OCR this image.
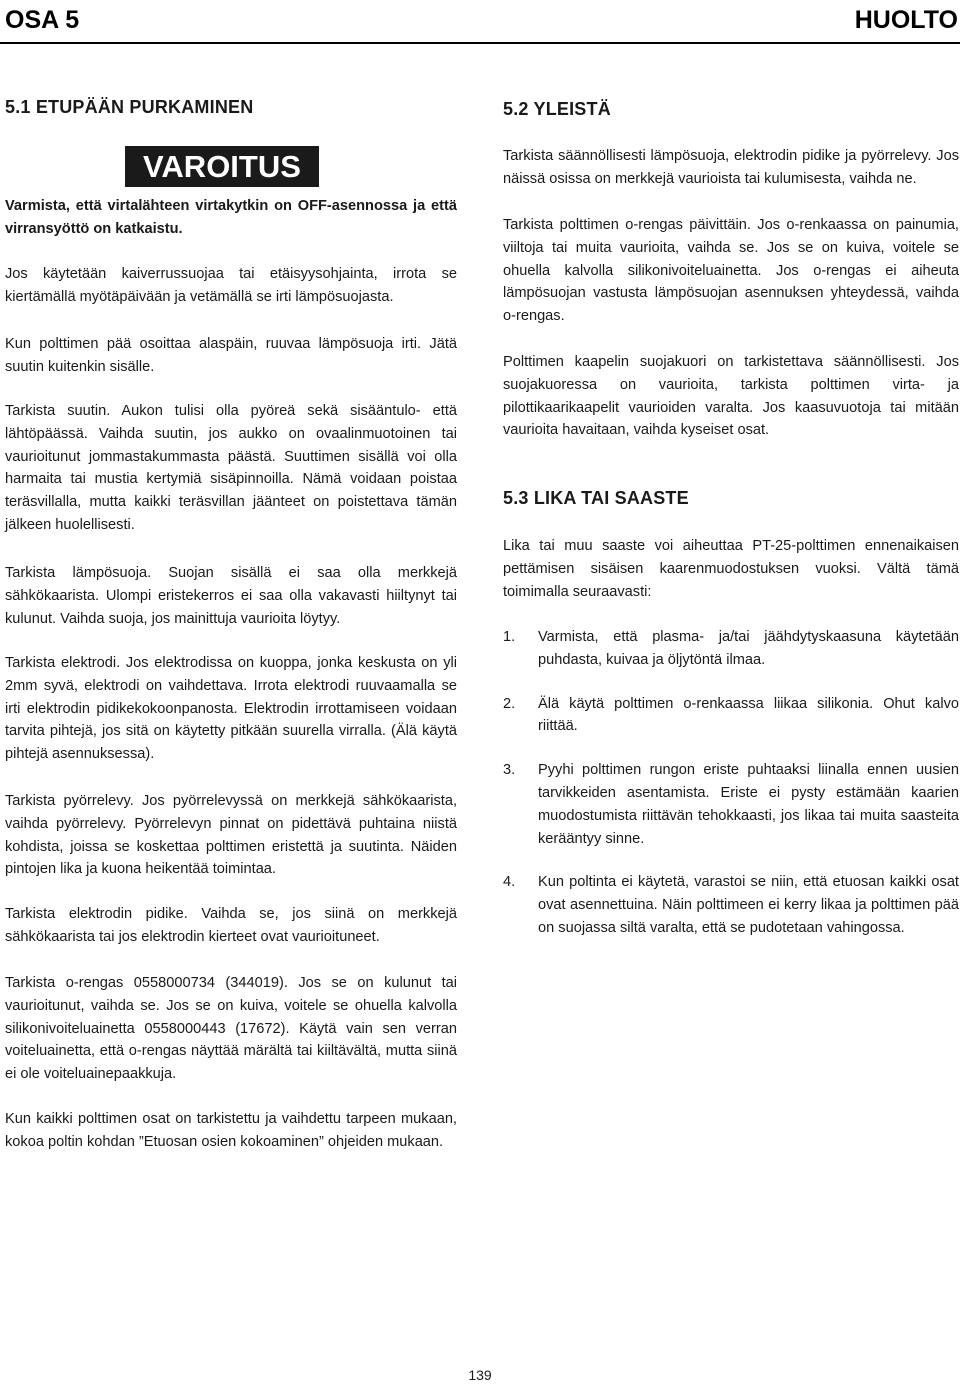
OSA 5	HUOLTO
5.1 ETUPÄÄN PURKAMINEN
VAROITUS

Varmista, että virtalähteen virtakytkin on OFF-asennossa ja että virransyöttö on katkaistu.

Jos käytetään kaiverrussuojaa tai etäisyysohjainta, irrota se kiertämällä myötäpäivään ja vetämällä se irti lämpösuojasta.

Kun polttimen pää osoittaa alaspäin, ruuvaa lämpösuoja irti. Jätä suutin kuitenkin sisälle.

Tarkista suutin. Aukon tulisi olla pyöreä sekä sisääntulo- että lähtöpäässä. Vaihda suutin, jos aukko on ovaalinmuotoinen tai vaurioitunut jommastakummasta päästä. Suuttimen sisällä voi olla harmaita tai mustia kertymiä sisäpinnoilla. Nämä voidaan poistaa teräsvillalla, mutta kaikki teräsvillan jäänteet on poistettava tämän jälkeen huolellisesti.

Tarkista lämpösuoja. Suojan sisällä ei saa olla merkkejä sähkökaarista. Ulompi eristekerros ei saa olla vakavasti hiiltynyt tai kulunut. Vaihda suoja, jos mainittuja vaurioita löytyy.

Tarkista elektrodi. Jos elektrodissa on kuoppa, jonka keskusta on yli 2mm syvä, elektrodi on vaihdettava. Irrota elektrodi ruuvaamalla se irti elektrodin pidikekokoonpanosta. Elektrodin irrottamiseen voidaan tarvita pihtejä, jos sitä on käytetty pitkään suurella virralla. (Älä käytä pihtejä asennuksessa).

Tarkista pyörrelevy. Jos pyörrelevyssä on merkkejä sähkökaarista, vaihda pyörrelevy. Pyörrelevyn pinnat on pidettävä puhtaina niistä kohdista, joissa se koskettaa polttimen eristettä ja suutinta. Näiden pintojen lika ja kuona heikentää toimintaa.

Tarkista elektrodin pidike. Vaihda se, jos siinä on merkkejä sähkökaarista tai jos elektrodin kierteet ovat vaurioituneet.

Tarkista o-rengas 0558000734 (344019). Jos se on kulunut tai vaurioitunut, vaihda se. Jos se on kuiva, voitele se ohuella kalvolla silikonivoiteluainetta 0558000443 (17672). Käytä vain sen verran voiteluainetta, että o-rengas näyttää märältä tai kiiltävältä, mutta siinä ei ole voiteluainepaakkuja.

Kun kaikki polttimen osat on tarkistettu ja vaihdettu tarpeen mukaan, kokoa poltin kohdan ”Etuosan osien kokoaminen” ohjeiden mukaan.

5.2 YLEISTÄ

Tarkista säännöllisesti lämpösuoja, elektrodin pidike ja pyörrelevy. Jos näissä osissa on merkkejä vaurioista tai kulumisesta, vaihda ne.

Tarkista polttimen o-rengas päivittäin. Jos o-renkaassa on painumia, viiltoja tai muita vaurioita, vaihda se. Jos se on kuiva, voitele se ohuella kalvolla silikonivoiteluainetta. Jos o-rengas ei aiheuta lämpösuojan vastusta lämpösuojan asennuksen yhteydessä, vaihda o-rengas.

Polttimen kaapelin suojakuori on tarkistettava säännöllisesti. Jos suojakuoressa on vaurioita, tarkista polttimen virta- ja pilottikaarikaapelit vaurioiden varalta. Jos kaasuvuotoja tai mitään vaurioita havaitaan, vaihda kyseiset osat.

5.3 LIKA TAI SAASTE

Lika tai muu saaste voi aiheuttaa PT-25-polttimen ennenaikaisen pettämisen sisäisen kaarenmuodostuksen vuoksi. Vältä tämä toimimalla seuraavasti:

1. Varmista, että plasma- ja/tai jäähdytyskaasuna käytetään puhdasta, kuivaa ja öljytöntä ilmaa.
2. Älä käytä polttimen o-renkaassa liikaa silikonia. Ohut kalvo riittää.
3. Pyyhi polttimen rungon eriste puhtaaksi liinalla ennen uusien tarvikkeiden asentamista. Eriste ei pysty estämään kaarien muodostumista riittävän tehokkaasti, jos likaa tai muita saasteita kerääntyy sinne.
4. Kun poltinta ei käytetä, varastoi se niin, että etuosan kaikki osat ovat asennettuina. Näin polttimeen ei kerry likaa ja polttimen pää on suojassa siltä varalta, että se pudotetaan vahingossa.
139
